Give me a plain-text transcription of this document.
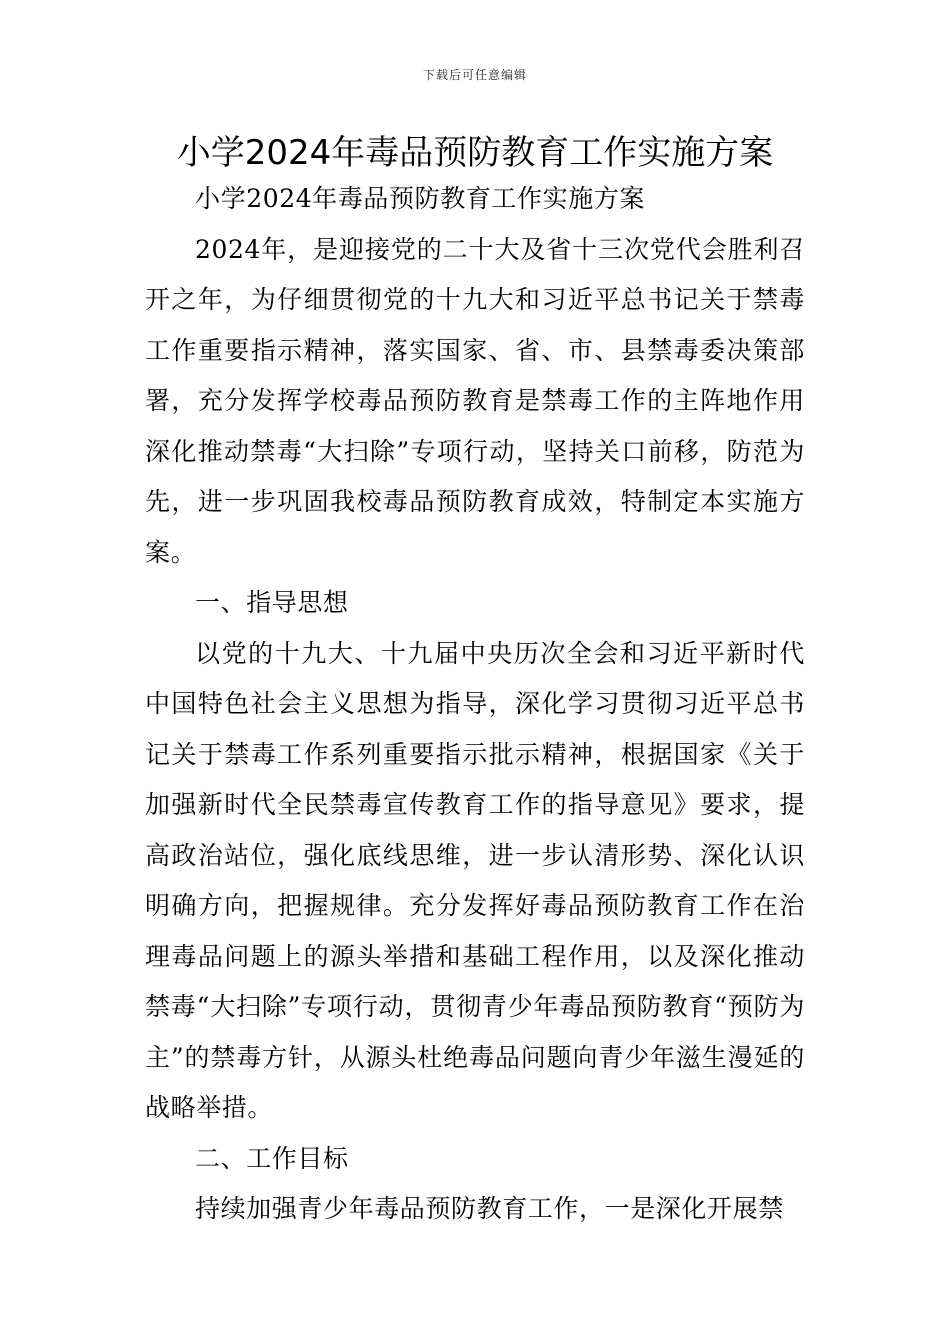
下载后可任意编辑
小学2024年毒品预防教育工作实施方案

小学2024年毒品预防教育工作实施方案

2024年，是迎接党的二十大及省十三次党代会胜利召开之年，为仔细贯彻党的十九大和习近平总书记关于禁毒工作重要指示精神，落实国家、省、市、县禁毒委决策部署，充分发挥学校毒品预防教育是禁毒工作的主阵地作用深化推动禁毒“大扫除”专项行动，坚持关口前移，防范为先，进一步巩固我校毒品预防教育成效，特制定本实施方案。

一、指导思想

以党的十九大、十九届中央历次全会和习近平新时代中国特色社会主义思想为指导，深化学习贯彻习近平总书记关于禁毒工作系列重要指示批示精神，根据国家《关于加强新时代全民禁毒宣传教育工作的指导意见》要求，提高政治站位，强化底线思维，进一步认清形势、深化认识明确方向，把握规律。充分发挥好毒品预防教育工作在治理毒品问题上的源头举措和基础工程作用，以及深化推动禁毒“大扫除”专项行动，贯彻青少年毒品预防教育“预防为主”的禁毒方针，从源头杜绝毒品问题向青少年滋生漫延的战略举措。

二、工作目标

持续加强青少年毒品预防教育工作，一是深化开展禁
